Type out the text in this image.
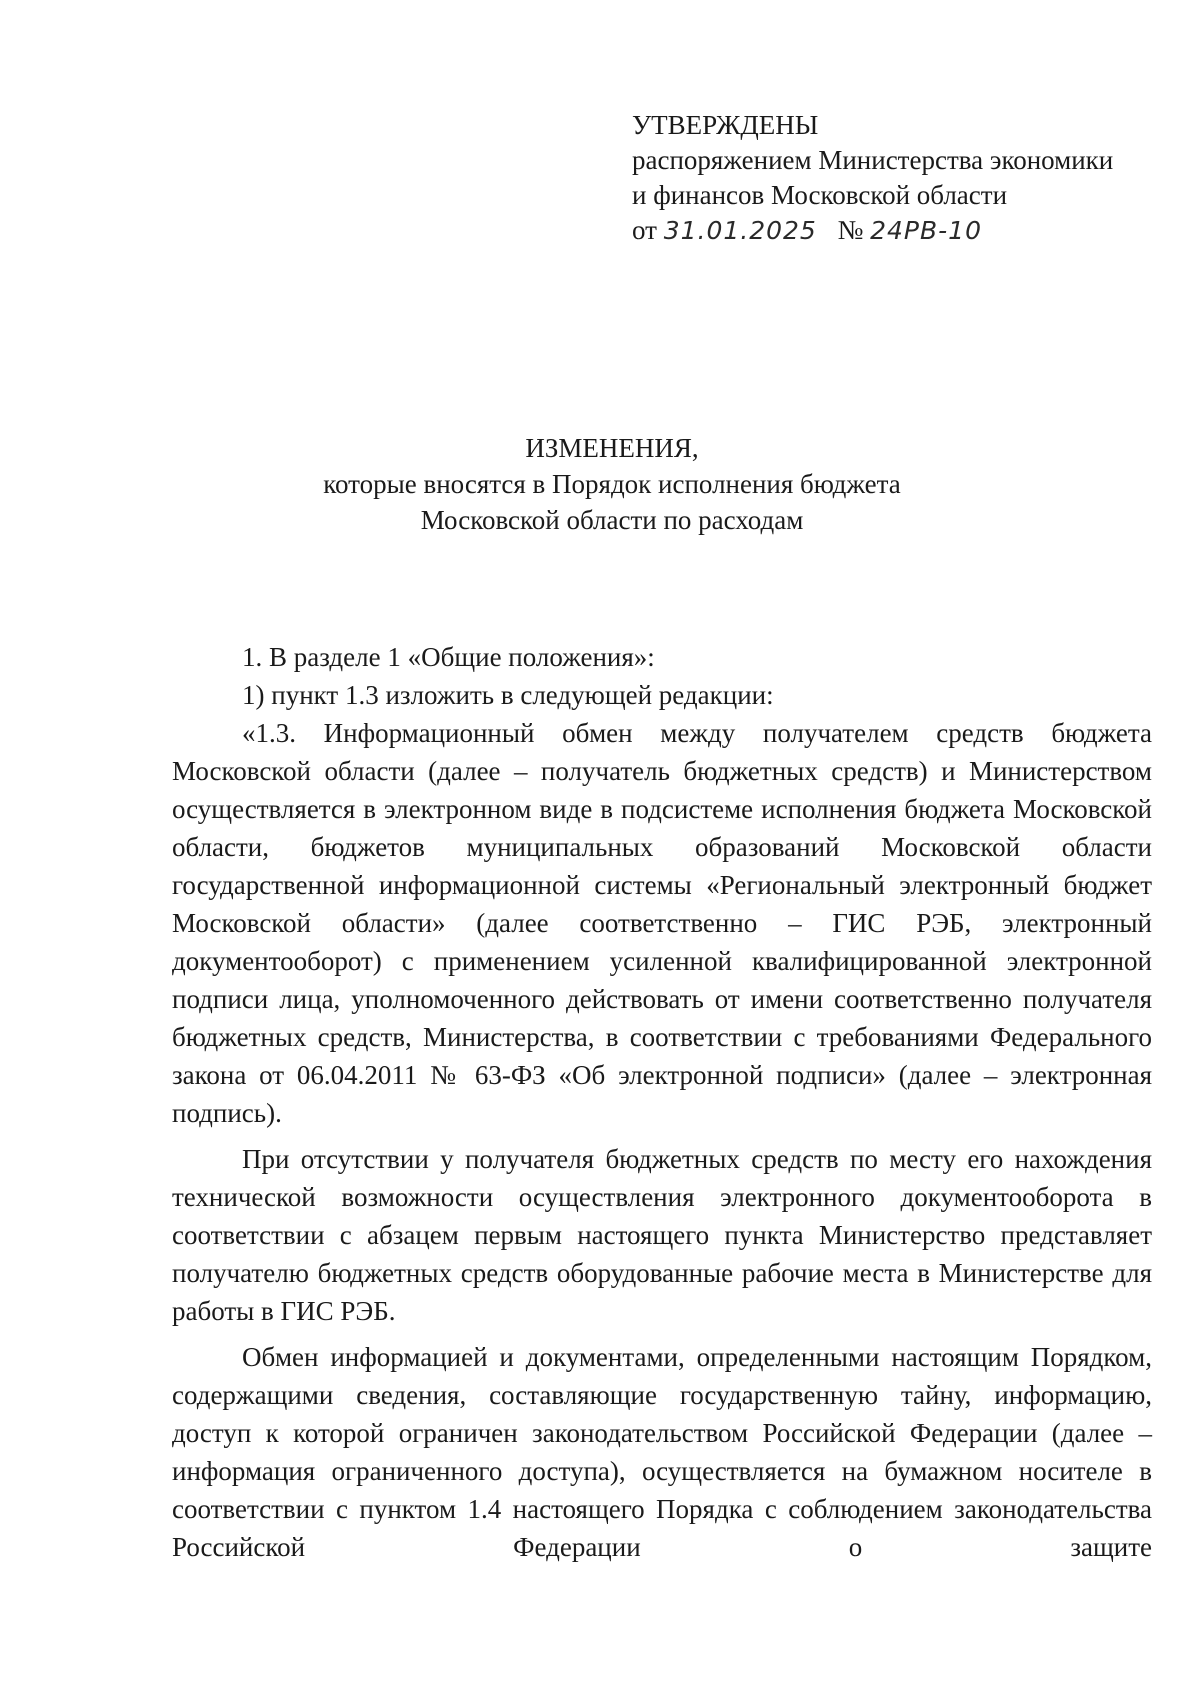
УТВЕРЖДЕНЫ
распоряжением Министерства экономики
и финансов Московской области
от 31.01.2025 № 24РВ-10
ИЗМЕНЕНИЯ,
которые вносятся в Порядок исполнения бюджета
Московской области по расходам

1. В разделе 1 «Общие положения»:

1) пункт 1.3 изложить в следующей редакции:

«1.3. Информационный обмен между получателем средств бюджета Московской области (далее – получатель бюджетных средств) и Министерством осуществляется в электронном виде в подсистеме исполнения бюджета Московской области, бюджетов муниципальных образований Московской области государственной информационной системы «Региональный электронный бюджет Московской области» (далее соответственно – ГИС РЭБ, электронный документооборот) с применением усиленной квалифицированной электронной подписи лица, уполномоченного действовать от имени соответственно получателя бюджетных средств, Министерства, в соответствии с требованиями Федерального закона от 06.04.2011 № 63-ФЗ «Об электронной подписи» (далее – электронная подпись).

При отсутствии у получателя бюджетных средств по месту его нахождения технической возможности осуществления электронного документооборота в соответствии с абзацем первым настоящего пункта Министерство представляет получателю бюджетных средств оборудованные рабочие места в Министерстве для работы в ГИС РЭБ.

Обмен информацией и документами, определенными настоящим Порядком, содержащими сведения, составляющие государственную тайну, информацию, доступ к которой ограничен законодательством Российской Федерации (далее – информация ограниченного доступа), осуществляется на бумажном носителе в соответствии с пунктом 1.4 настоящего Порядка с соблюдением законодательства Российской Федерации о защите
